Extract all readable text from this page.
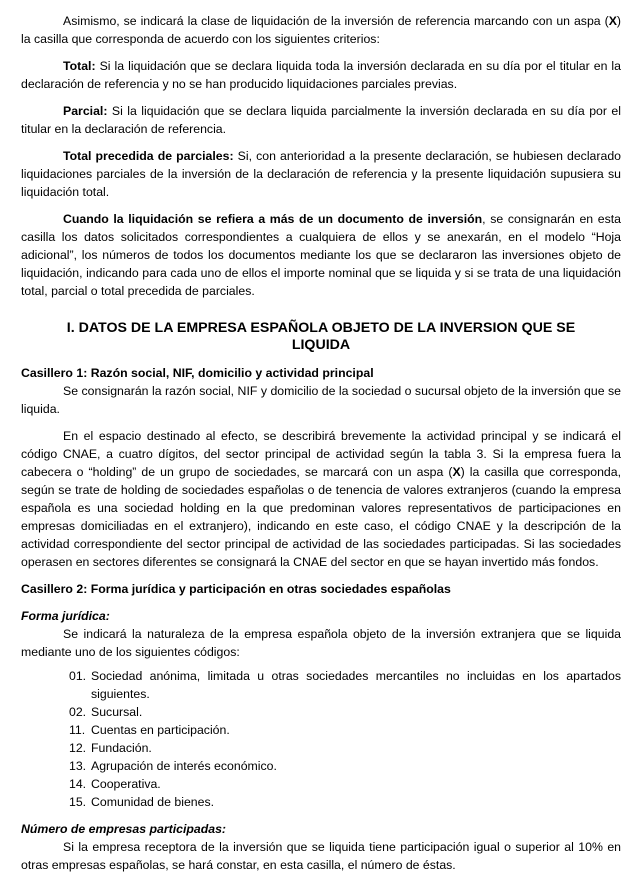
Asimismo, se indicará la clase de liquidación de la inversión de referencia marcando con un aspa (X) la casilla que corresponda de acuerdo con los siguientes criterios:

Total: Si la liquidación que se declara liquida toda la inversión declarada en su día por el titular en la declaración de referencia y no se han producido liquidaciones parciales previas.

Parcial: Si la liquidación que se declara liquida parcialmente la inversión declarada en su día por el titular en la declaración de referencia.

Total precedida de parciales: Si, con anterioridad a la presente declaración, se hubiesen declarado liquidaciones parciales de la inversión de la declaración de referencia y la presente liquidación supusiera su liquidación total.

Cuando la liquidación se refiera a más de un documento de inversión, se consignarán en esta casilla los datos solicitados correspondientes a cualquiera de ellos y se anexarán, en el modelo “Hoja adicional”, los números de todos los documentos mediante los que se declararon las inversiones objeto de liquidación, indicando para cada uno de ellos el importe nominal que se liquida y si se trata de una liquidación total, parcial o total precedida de parciales.

I. DATOS DE LA EMPRESA ESPAÑOLA OBJETO DE LA INVERSION QUE SE LIQUIDA
Casillero 1: Razón social, NIF, domicilio y actividad principal

Se consignarán la razón social, NIF y domicilio de la sociedad o sucursal objeto de la inversión que se liquida.

En el espacio destinado al efecto, se describirá brevemente la actividad principal y se indicará el código CNAE, a cuatro dígitos, del sector principal de actividad según la tabla 3. Si la empresa fuera la cabecera o “holding” de un grupo de sociedades, se marcará con un aspa (X) la casilla que corresponda, según se trate de holding de sociedades españolas o de tenencia de valores extranjeros (cuando la empresa española es una sociedad holding en la que predominan valores representativos de participaciones en empresas domiciliadas en el extranjero), indicando en este caso, el código CNAE y la descripción de la actividad correspondiente del sector principal de actividad de las sociedades participadas. Si las sociedades operasen en sectores diferentes se consignará la CNAE del sector en que se hayan invertido más fondos.

Casillero 2: Forma jurídica y participación en otras sociedades españolas
Forma jurídica:

Se indicará la naturaleza de la empresa española objeto de la inversión extranjera que se liquida mediante uno de los siguientes códigos:

01. Sociedad anónima, limitada u otras sociedades mercantiles no incluidas en los apartados siguientes.
02. Sucursal.
11. Cuentas en participación.
12. Fundación.
13. Agrupación de interés económico.
14. Cooperativa.
15. Comunidad de bienes.
Número de empresas participadas:

Si la empresa receptora de la inversión que se liquida tiene participación igual o superior al 10% en otras empresas españolas, se hará constar, en esta casilla, el número de éstas.
